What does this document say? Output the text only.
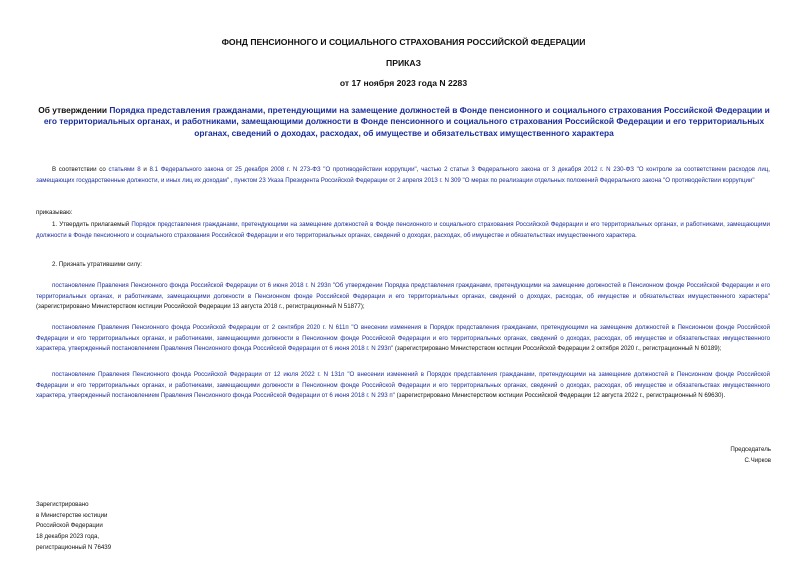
ФОНД ПЕНСИОННОГО И СОЦИАЛЬНОГО СТРАХОВАНИЯ РОССИЙСКОЙ ФЕДЕРАЦИИ
ПРИКАЗ
от 17 ноября 2023 года N 2283
Об утверждении Порядка представления гражданами, претендующими на замещение должностей в Фонде пенсионного и социального страхования Российской Федерации и его территориальных органах, и работниками, замещающими должности в Фонде пенсионного и социального страхования Российской Федерации и его территориальных органах, сведений о доходах, расходах, об имуществе и обязательствах имущественного характера
В соответствии со статьями 8 и 8.1 Федерального закона от 25 декабря 2008 г. N 273-ФЗ "О противодействии коррупции", частью 2 статьи 3 Федерального закона от 3 декабря 2012 г. N 230-ФЗ "О контроле за соответствием расходов лиц, замещающих государственные должности, и иных лиц их доходам" , пунктом 23 Указа Президента Российской Федерации от 2 апреля 2013 г. N 309 "О мерах по реализации отдельных положений Федерального закона "О противодействии коррупции"
приказываю:
1. Утвердить прилагаемый Порядок представления гражданами, претендующими на замещение должностей в Фонде пенсионного и социального страхования Российской Федерации и его территориальных органах, и работниками, замещающими должности в Фонде пенсионного и социального страхования Российской Федерации и его территориальных органах, сведений о доходах, расходах, об имуществе и обязательствах имущественного характера.
2. Признать утратившими силу:
постановление Правления Пенсионного фонда Российской Федерации от 6 июня 2018 г. N 293п "Об утверждении Порядка представления гражданами, претендующими на замещение должностей в Пенсионном фонде Российской Федерации и его территориальных органах, и работниками, замещающими должности в Пенсионном фонде Российской Федерации и его территориальных органах, сведений о доходах, расходах, об имуществе и обязательствах имущественного характера" (зарегистрировано Министерством юстиции Российской Федерации 13 августа 2018 г., регистрационный N 51877);
постановление Правления Пенсионного фонда Российской Федерации от 2 сентября 2020 г. N 611п "О внесении изменения в Порядок представления гражданами, претендующими на замещение должностей в Пенсионном фонде Российской Федерации и его территориальных органах, и работниками, замещающими должности в Пенсионном фонде Российской Федерации и его территориальных органах, сведений о доходах, расходах, об имуществе и обязательствах имущественного характера, утвержденный постановлением Правления Пенсионного фонда Российской Федерации от 6 июня 2018 г. N 293п" (зарегистрировано Министерством юстиции Российской Федерации 2 октября 2020 г., регистрационный N 60189);
постановление Правления Пенсионного фонда Российской Федерации от 12 июля 2022 г. N 131п "О внесении изменений в Порядок представления гражданами, претендующими на замещение должностей в Пенсионном фонде Российской Федерации и его территориальных органах, и работниками, замещающими должности в Пенсионном фонде Российской Федерации и его территориальных органах, сведений о доходах, расходах, об имуществе и обязательствах имущественного характера, утвержденный постановлением Правления Пенсионного фонда Российской Федерации от 6 июня 2018 г. N 293 п" (зарегистрировано Министерством юстиции Российской Федерации 12 августа 2022 г., регистрационный N 69630).
Председатель
С.Чирков
Зарегистрировано
в Министерстве юстиции
Российской Федерации
18 декабря 2023 года,
регистрационный N 76439
